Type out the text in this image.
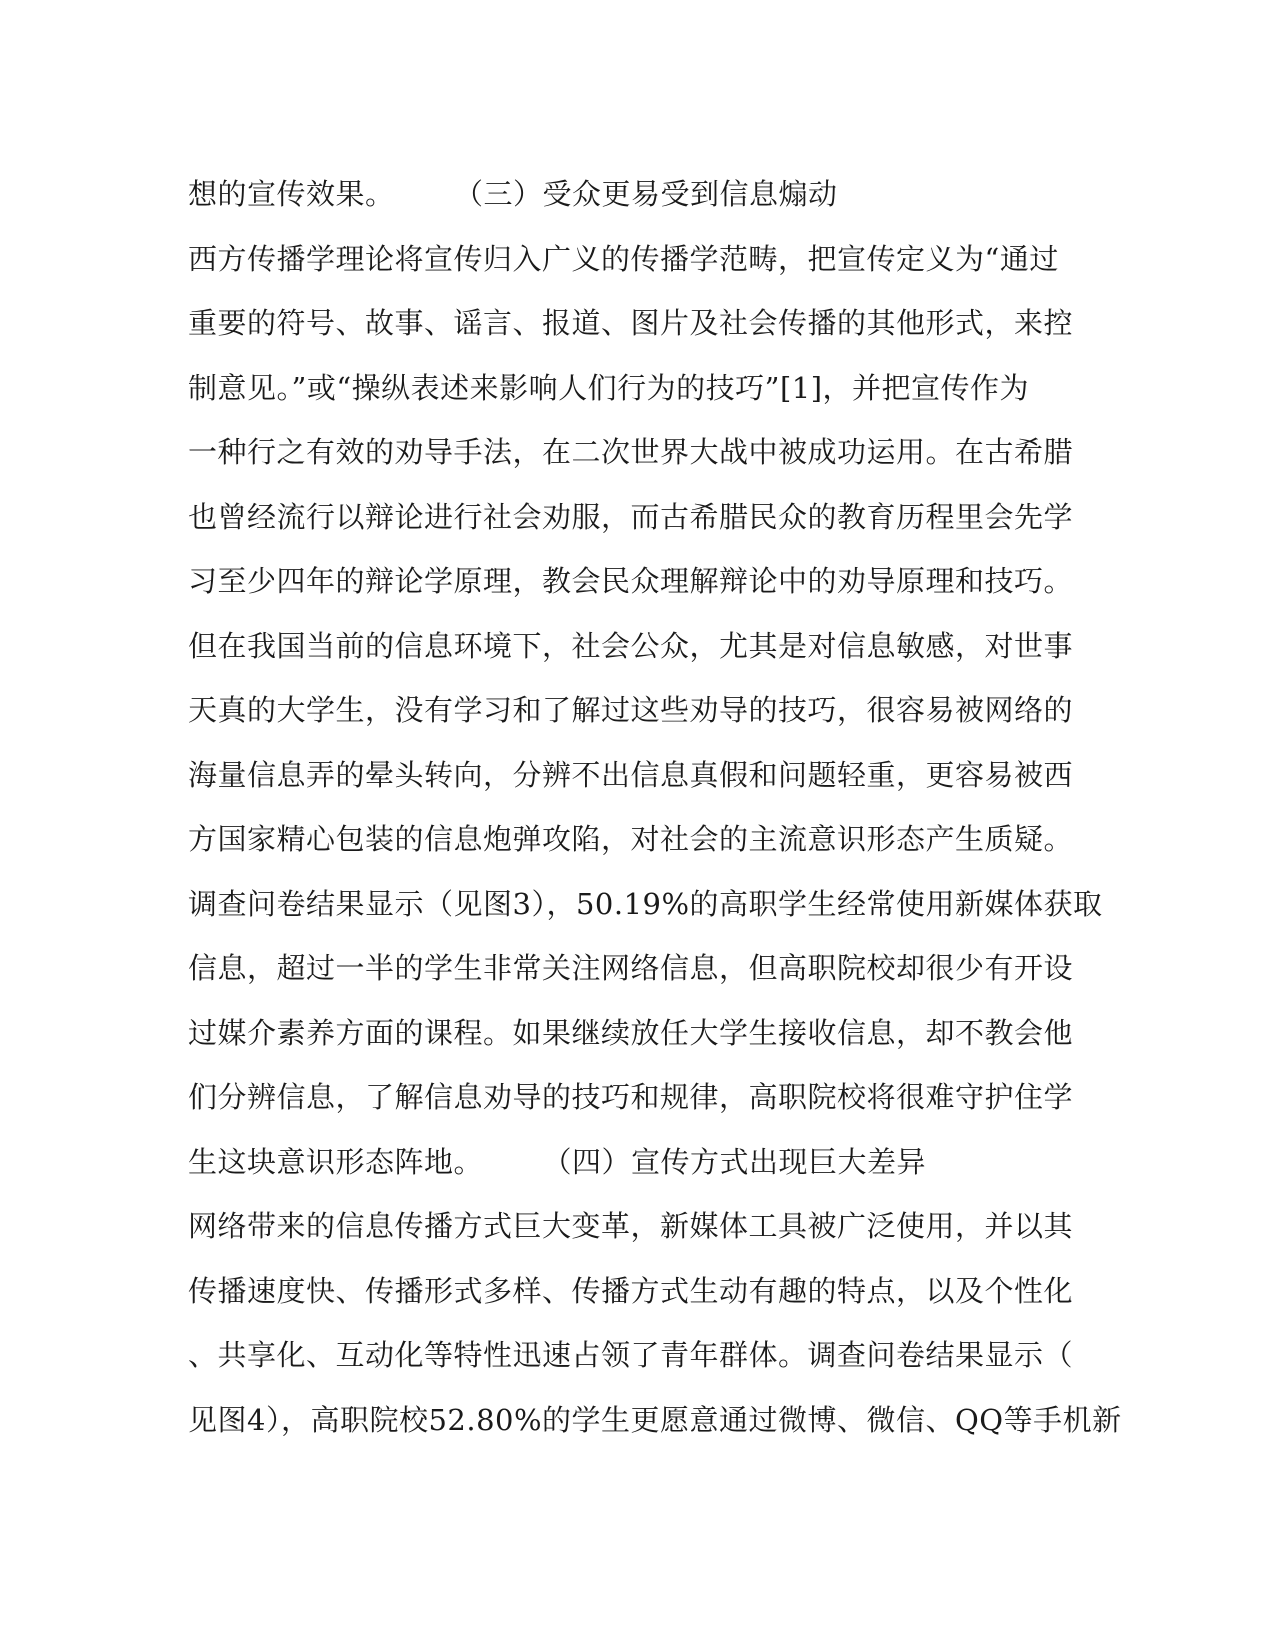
想的宣传效果。　　　（三）受众更易受到信息煽动
西方传播学理论将宣传归入广义的传播学范畴，把宣传定义为“通过
重要的符号、故事、谣言、报道、图片及社会传播的其他形式，来控
制意见。”或“操纵表述来影响人们行为的技巧”[1]，并把宣传作为
一种行之有效的劝导手法，在二次世界大战中被成功运用。在古希腊
也曾经流行以辩论进行社会劝服，而古希腊民众的教育历程里会先学
习至少四年的辩论学原理，教会民众理解辩论中的劝导原理和技巧。
但在我国当前的信息环境下，社会公众，尤其是对信息敏感，对世事
天真的大学生，没有学习和了解过这些劝导的技巧，很容易被网络的
海量信息弄的晕头转向，分辨不出信息真假和问题轻重，更容易被西
方国家精心包装的信息炮弹攻陷，对社会的主流意识形态产生质疑。
调查问卷结果显示（见图3），50.19%的高职学生经常使用新媒体获取
信息，超过一半的学生非常关注网络信息，但高职院校却很少有开设
过媒介素养方面的课程。如果继续放任大学生接收信息，却不教会他
们分辨信息，了解信息劝导的技巧和规律，高职院校将很难守护住学
生这块意识形态阵地。　　　（四）宣传方式出现巨大差异
网络带来的信息传播方式巨大变革，新媒体工具被广泛使用，并以其
传播速度快、传播形式多样、传播方式生动有趣的特点，以及个性化
、共享化、互动化等特性迅速占领了青年群体。调查问卷结果显示（
见图4），高职院校52.80%的学生更愿意通过微博、微信、QQ等手机新
